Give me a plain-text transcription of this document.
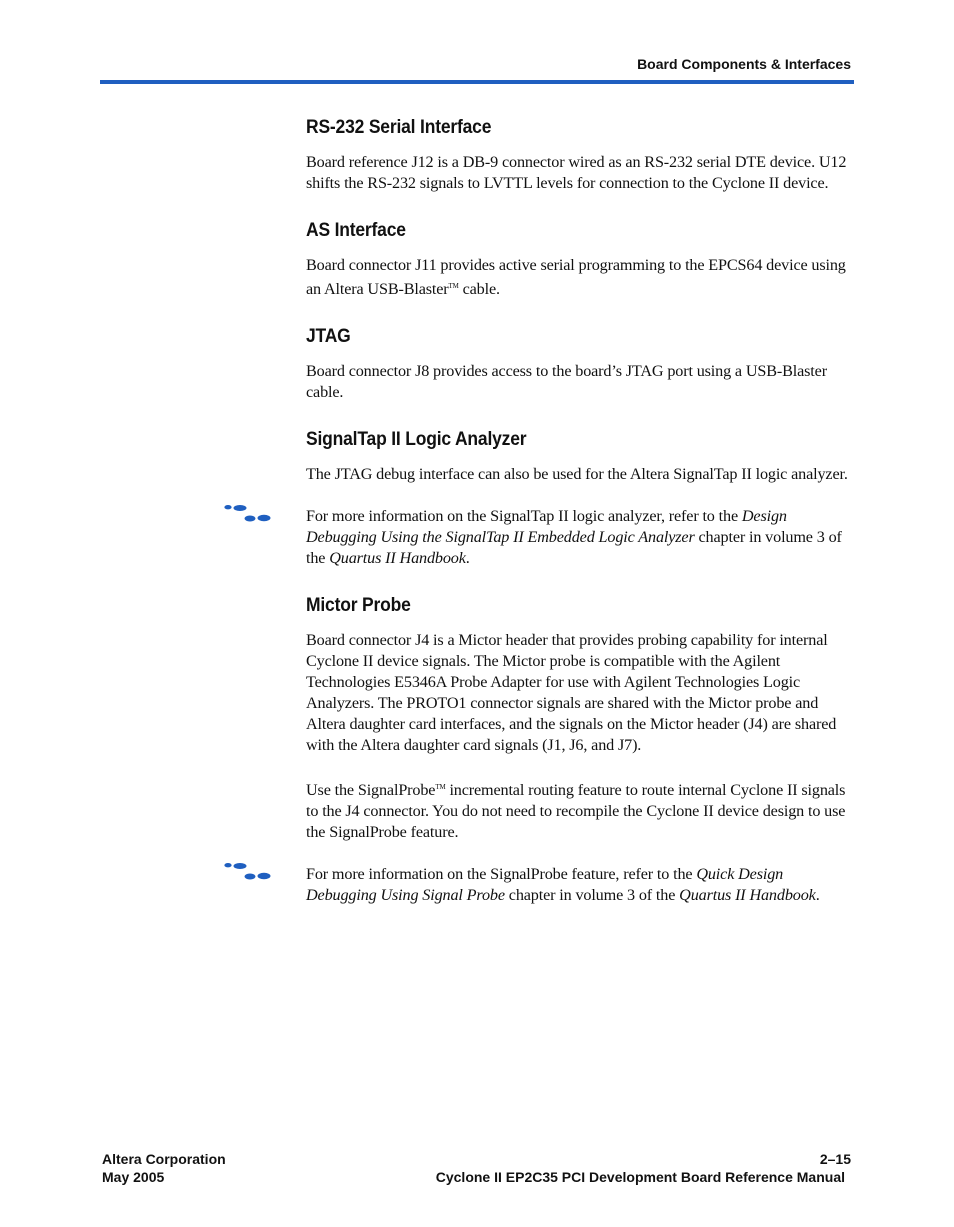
Board Components & Interfaces
RS-232 Serial Interface

Board reference J12 is a DB-9 connector wired as an RS-232 serial DTE device. U12 shifts the RS-232 signals to LVTTL levels for connection to the Cyclone II device.

AS Interface

Board connector J11 provides active serial programming to the EPCS64 device using an Altera USB-Blaster™ cable.

JTAG

Board connector J8 provides access to the board’s JTAG port using a USB-Blaster cable.

SignalTap II Logic Analyzer

The JTAG debug interface can also be used for the Altera SignalTap II logic analyzer.

For more information on the SignalTap II logic analyzer, refer to the Design Debugging Using the SignalTap II Embedded Logic Analyzer chapter in volume 3 of the Quartus II Handbook.

Mictor Probe

Board connector J4 is a Mictor header that provides probing capability for internal Cyclone II device signals. The Mictor probe is compatible with the Agilent Technologies E5346A Probe Adapter for use with Agilent Technologies Logic Analyzers. The PROTO1 connector signals are shared with the Mictor probe and Altera daughter card interfaces, and the signals on the Mictor header (J4) are shared with the Altera daughter card signals (J1, J6, and J7).

Use the SignalProbe™ incremental routing feature to route internal Cyclone II signals to the J4 connector. You do not need to recompile the Cyclone II device design to use the SignalProbe feature.

For more information on the SignalProbe feature, refer to the Quick Design Debugging Using Signal Probe chapter in volume 3 of the Quartus II Handbook.

Altera Corporation
May 2005
2–15
Cyclone II EP2C35 PCI Development Board Reference Manual
